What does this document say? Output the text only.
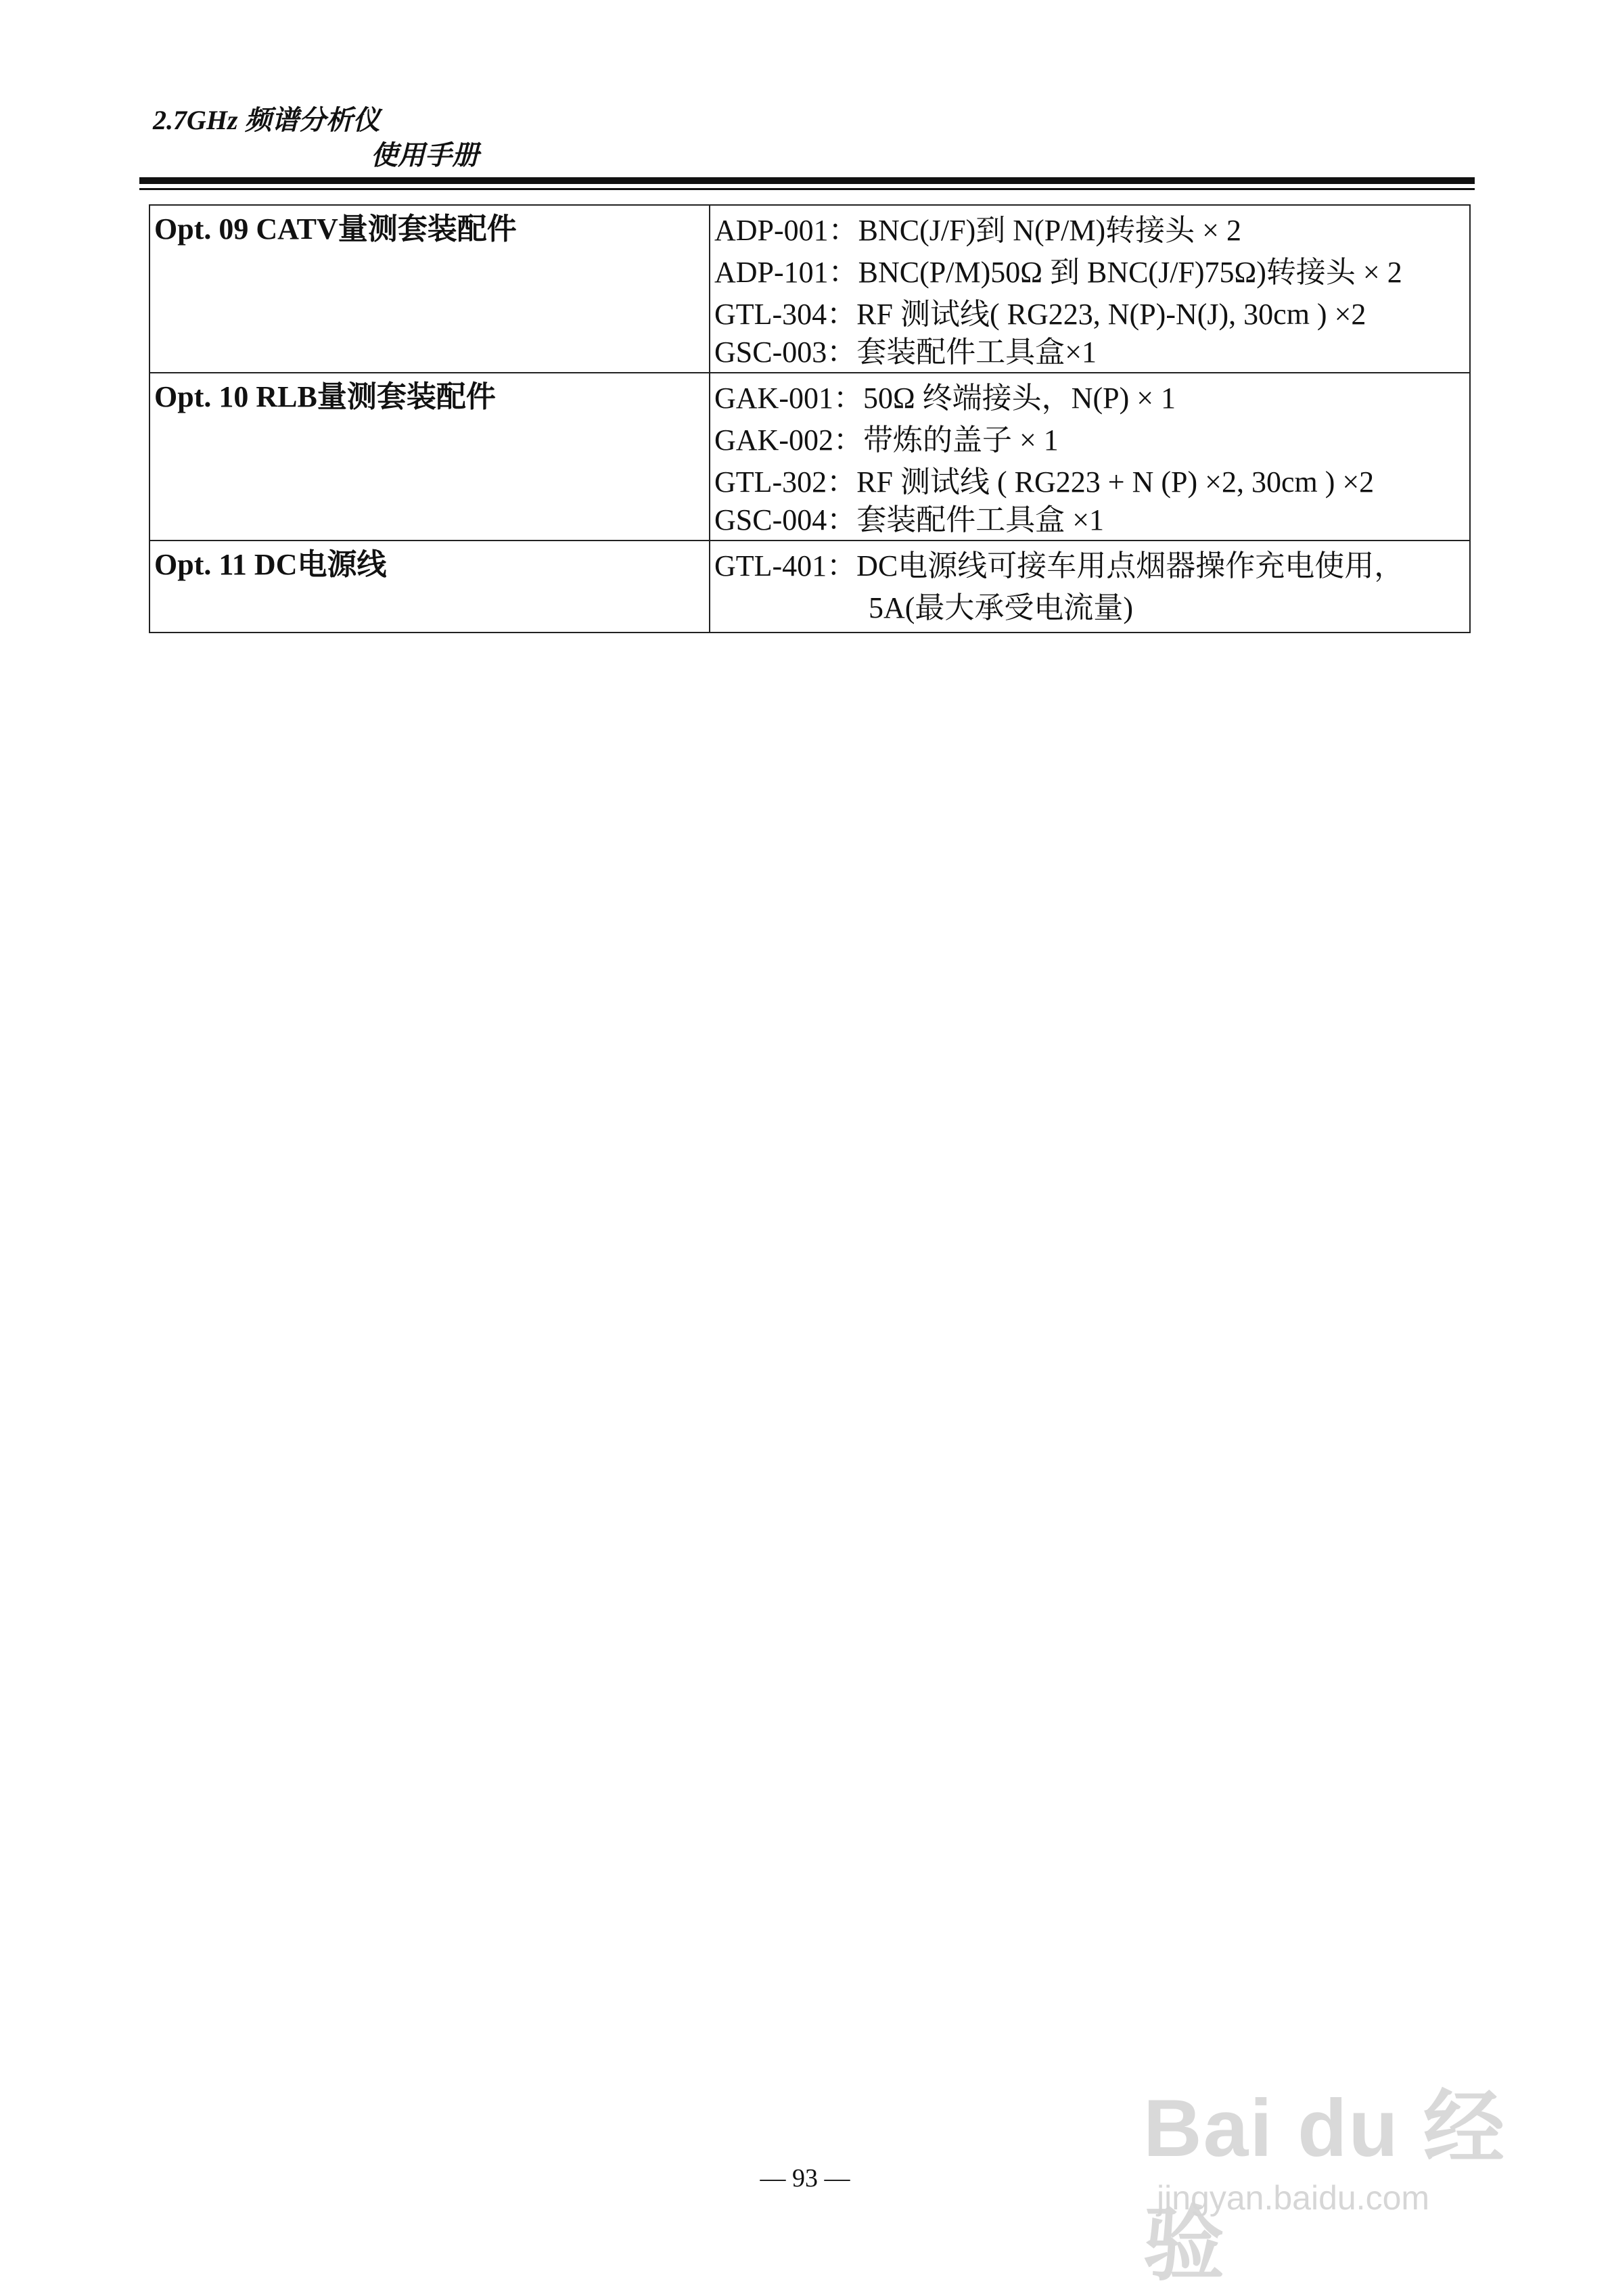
2.7GHz 频谱分析仪
使用手册
Opt. 09 CATV量测套装配件	ADP-001：BNC(J/F)到 N(P/M)转接头 × 2
ADP-101：BNC(P/M)50Ω 到 BNC(J/F)75Ω)转接头 × 2
GTL-304：RF 测试线( RG223, N(P)-N(J), 30cm ) ×2
GSC-003：套装配件工具盒×1

Opt. 10 RLB量测套装配件	GAK-001：50Ω 终端接头，N(P) × 1
GAK-002：带炼的盖子 × 1
GTL-302：RF 测试线 ( RG223 + N (P) ×2, 30cm ) ×2
GSC-004：套装配件工具盒 ×1

Opt. 11 DC电源线	GTL-401：DC电源线可接车用点烟器操作充电使用，
5A(最大承受电流量)
— 93 —
Bai du 经验
jingyan.baidu.com
